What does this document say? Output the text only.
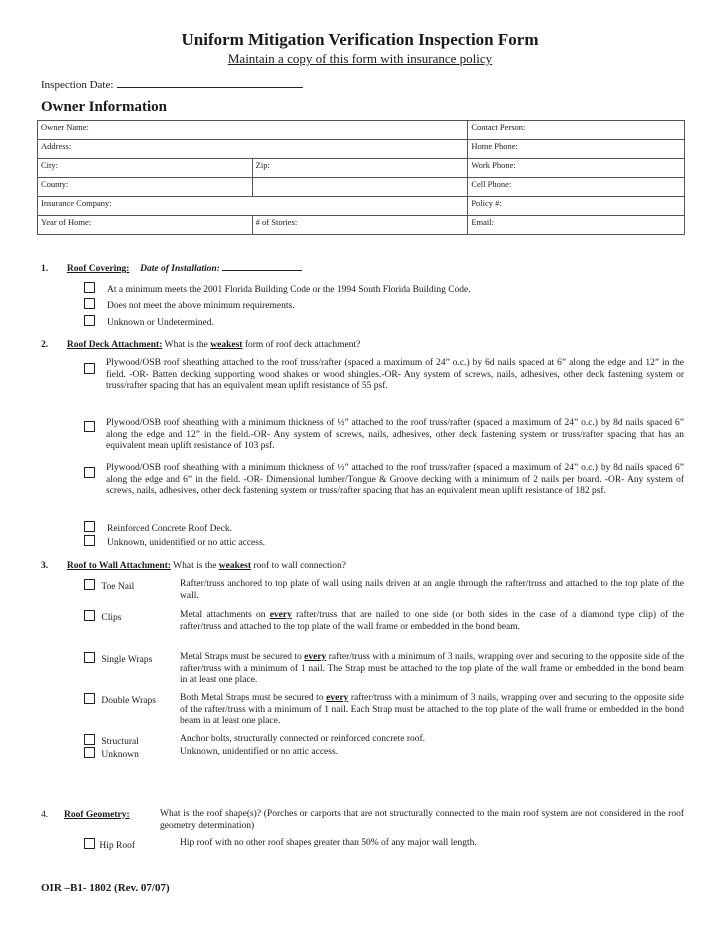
Uniform Mitigation Verification Inspection Form
Maintain a copy of this form with insurance policy
Inspection Date:
Owner Information
Owner Name:		Contact Person:
Address:		Home Phone:
City:	Zip:	Work Phone:
County:		Cell Phone:
Insurance Company:		Policy #:
Year of Home:	# of Stories:	Email:
1. Roof Covering: Date of Installation:
At a minimum meets the 2001 Florida Building Code or the 1994 South Florida Building Code.
Does not meet the above minimum requirements.
Unknown or Undetermined.
2. Roof Deck Attachment: What is the weakest form of roof deck attachment?
Plywood/OSB roof sheathing attached to the roof truss/rafter (spaced a maximum of 24” o.c.) by 6d nails spaced at 6” along the edge and 12” in the field. -OR- Batten decking supporting wood shakes or wood shingles.-OR- Any system of screws, nails, adhesives, other deck fastening system or truss/rafter spacing that has an equivalent mean uplift resistance of 55 psf.
Plywood/OSB roof sheathing with a minimum thickness of ½” attached to the roof truss/rafter (spaced a maximum of 24” o.c.) by 8d nails spaced 6” along the edge and 12” in the field.-OR- Any system of screws, nails, adhesives, other deck fastening system or truss/rafter spacing that has an equivalent mean uplift resistance of 103 psf.
Plywood/OSB roof sheathing with a minimum thickness of ½” attached to the roof truss/rafter (spaced a maximum of 24” o.c.) by 8d nails spaced 6” along the edge and 6” in the field. -OR- Dimensional lumber/Tongue & Groove decking with a minimum of 2 nails per board. -OR- Any system of screws, nails, adhesives, other deck fastening system or truss/rafter spacing that has an equivalent mean uplift resistance of 182 psf.
Reinforced Concrete Roof Deck.
Unknown, unidentified or no attic access.
3. Roof to Wall Attachment: What is the weakest roof to wall connection?
Toe Nail	Rafter/truss anchored to top plate of wall using nails driven at an angle through the rafter/truss and attached to the top plate of the wall.
Clips	Metal attachments on every rafter/truss that are nailed to one side (or both sides in the case of a diamond type clip) of the rafter/truss and attached to the top plate of the wall frame or embedded in the bond beam.
Single Wraps	Metal Straps must be secured to every rafter/truss with a minimum of 3 nails, wrapping over and securing to the opposite side of the rafter/truss with a minimum of 1 nail. The Strap must be attached to the top plate of the wall frame or embedded in the bond beam in at least one place.
Double Wraps	Both Metal Straps must be secured to every rafter/truss with a minimum of 3 nails, wrapping over and securing to the opposite side of the rafter/truss with a minimum of 1 nail. Each Strap must be attached to the top plate of the wall frame or embedded in the bond beam in at least one place.
Structural	Anchor bolts, structurally connected or reinforced concrete roof.
Unknown	Unknown, unidentified or no attic access.
4. Roof Geometry:	What is the roof shape(s)? (Porches or carports that are not structurally connected to the main roof system are not considered in the roof geometry determination)
Hip Roof	Hip roof with no other roof shapes greater than 50% of any major wall length.
OIR –B1- 1802 (Rev. 07/07)
